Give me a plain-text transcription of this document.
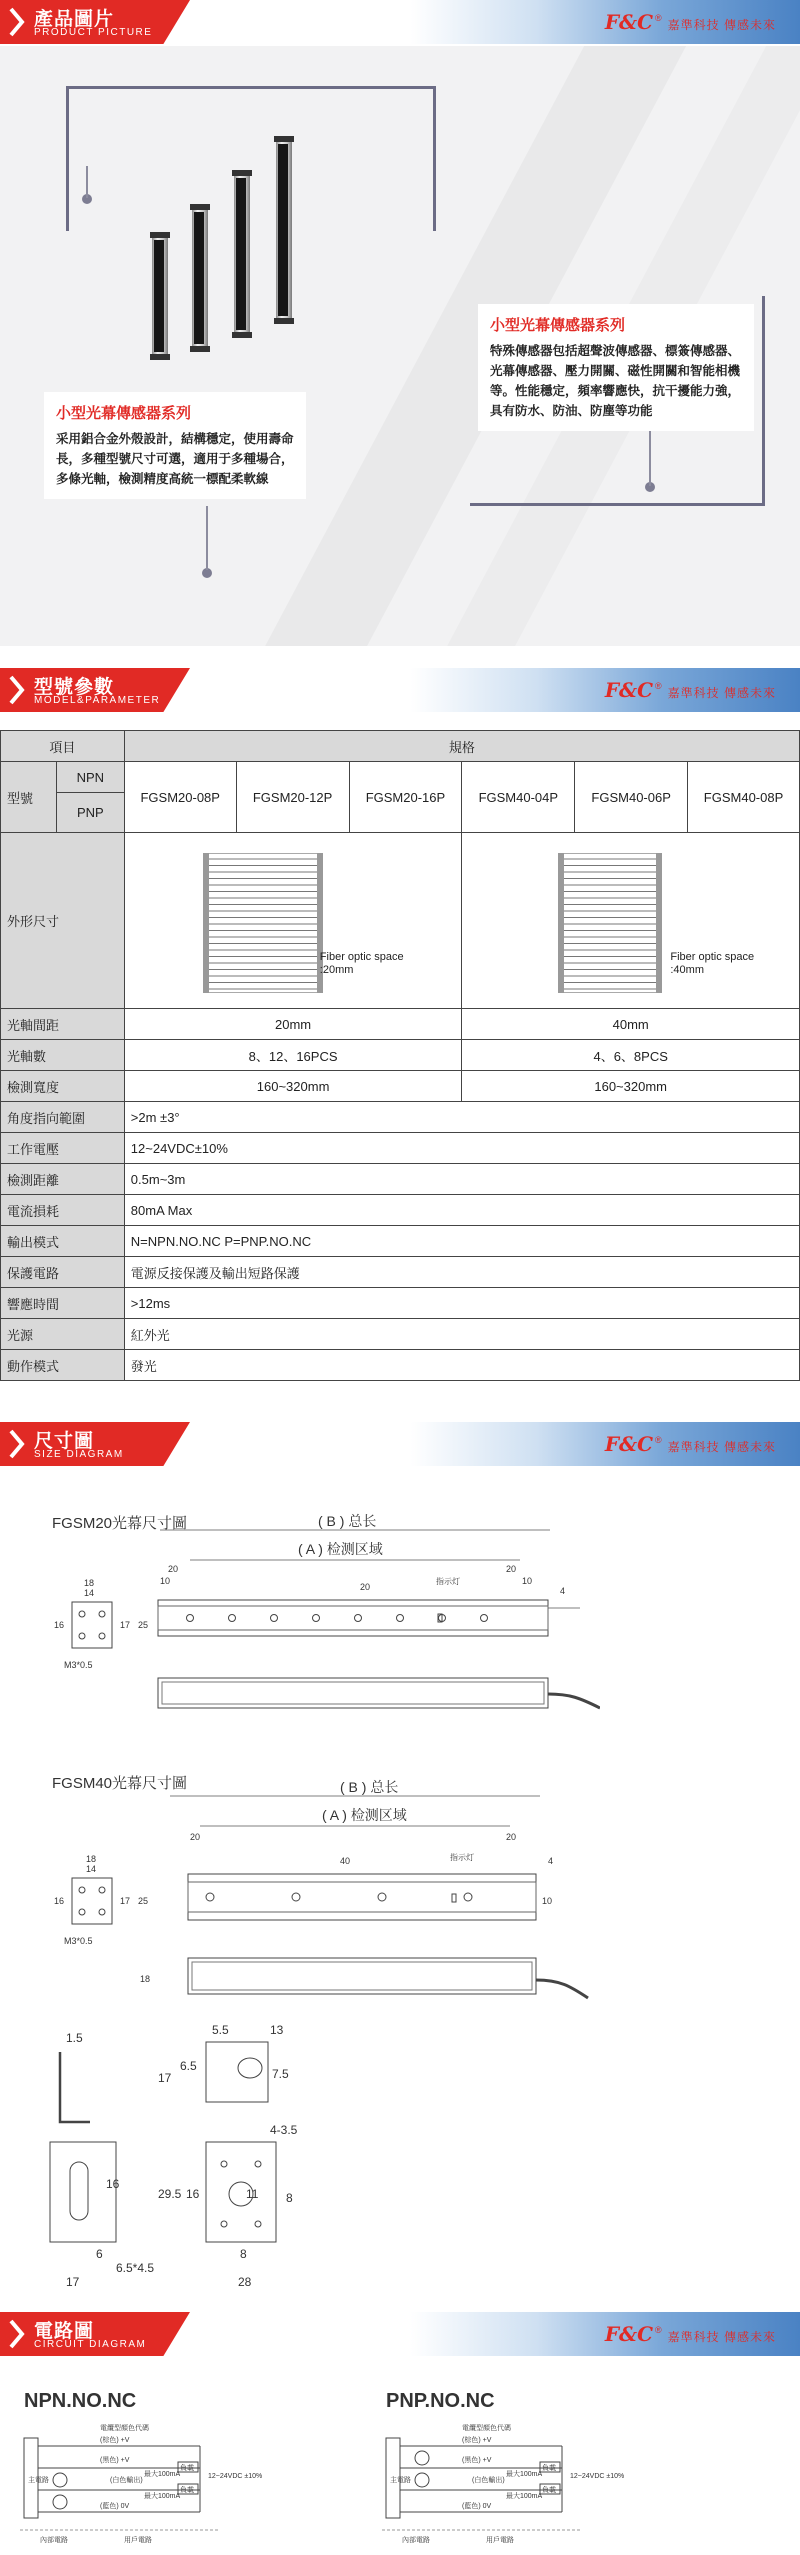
產品圖片
PRODUCT PICTURE	F&C ® 嘉準科技 傳感未來
小型光幕傳感器系列
特殊傳感器包括超聲波傳感器、標簽傳感器、光幕傳感器、壓力開關、磁性開關和智能相機等。性能穩定，頻率響應快，抗干擾能力強，具有防水、防油、防塵等功能
小型光幕傳感器系列
采用鋁合金外殼設計，結構穩定，使用壽命長，多種型號尺寸可選，適用于多種場合，多條光軸，檢測精度高統一標配柔軟線
型號參數
MODEL&PARAMETER	F&C ® 嘉準科技 傳感未來
項目		規格					
型號	NPN	FGSM20-08P	FGSM20-12P	FGSM20-16P	FGSM40-04P	FGSM40-06P	FGSM40-08P
	PNP						
外形尺寸		Fiber optic space :20mm			Fiber optic space :40mm		

光軸間距		20mm			40mm		
光軸數		8、12、16PCS			4、6、8PCS		
檢測寬度		160~320mm			160~320mm		
角度指向範圍		>2m ±3°					
工作電壓		12~24VDC±10%					
檢測距離		0.5m~3m					
電流損耗		80mA Max					
輸出模式		N=NPN.NO.NC P=PNP.NO.NC					
保護電路		電源反接保護及輸出短路保護					
響應時間		>12ms					
光源		紅外光					
動作模式		發光					
尺寸圖
SIZE DIAGRAM	F&C ® 嘉準科技 傳感未來
FGSM20光幕尺寸圖	( B ) 总长
( A ) 检测区域
指示灯
20
20
20
10	10
4
18
14
16	17 25
M3*0.5
FGSM40光幕尺寸圖	( B ) 总长
( A ) 检测区域
指示灯
20
40
20
4
10
18
18
14
16	17 25
M3*0.5
1.5
5.5	13
17
6.5
7.5
16
6
6.5*4.5
17
4-3.5
29.5 16	8
11
8
28
電路圖
CIRCUIT DIAGRAM	F&C ® 嘉準科技 傳感未來
NPN.NO.NC	PNP.NO.NC
主電路
電纜型顏色代碼
(棕色) +V
(黑色) +V
(白色輸出)
(藍色) 0V
負載
負載
最大100mA
最大100mA
12~24VDC ±10%
內部電路	用戶電路
主電路
電纜型顏色代碼
(棕色) +V
(黑色) +V
(白色輸出)
(藍色) 0V
負載
負載
最大100mA
最大100mA
12~24VDC ±10%
內部電路	用戶電路
